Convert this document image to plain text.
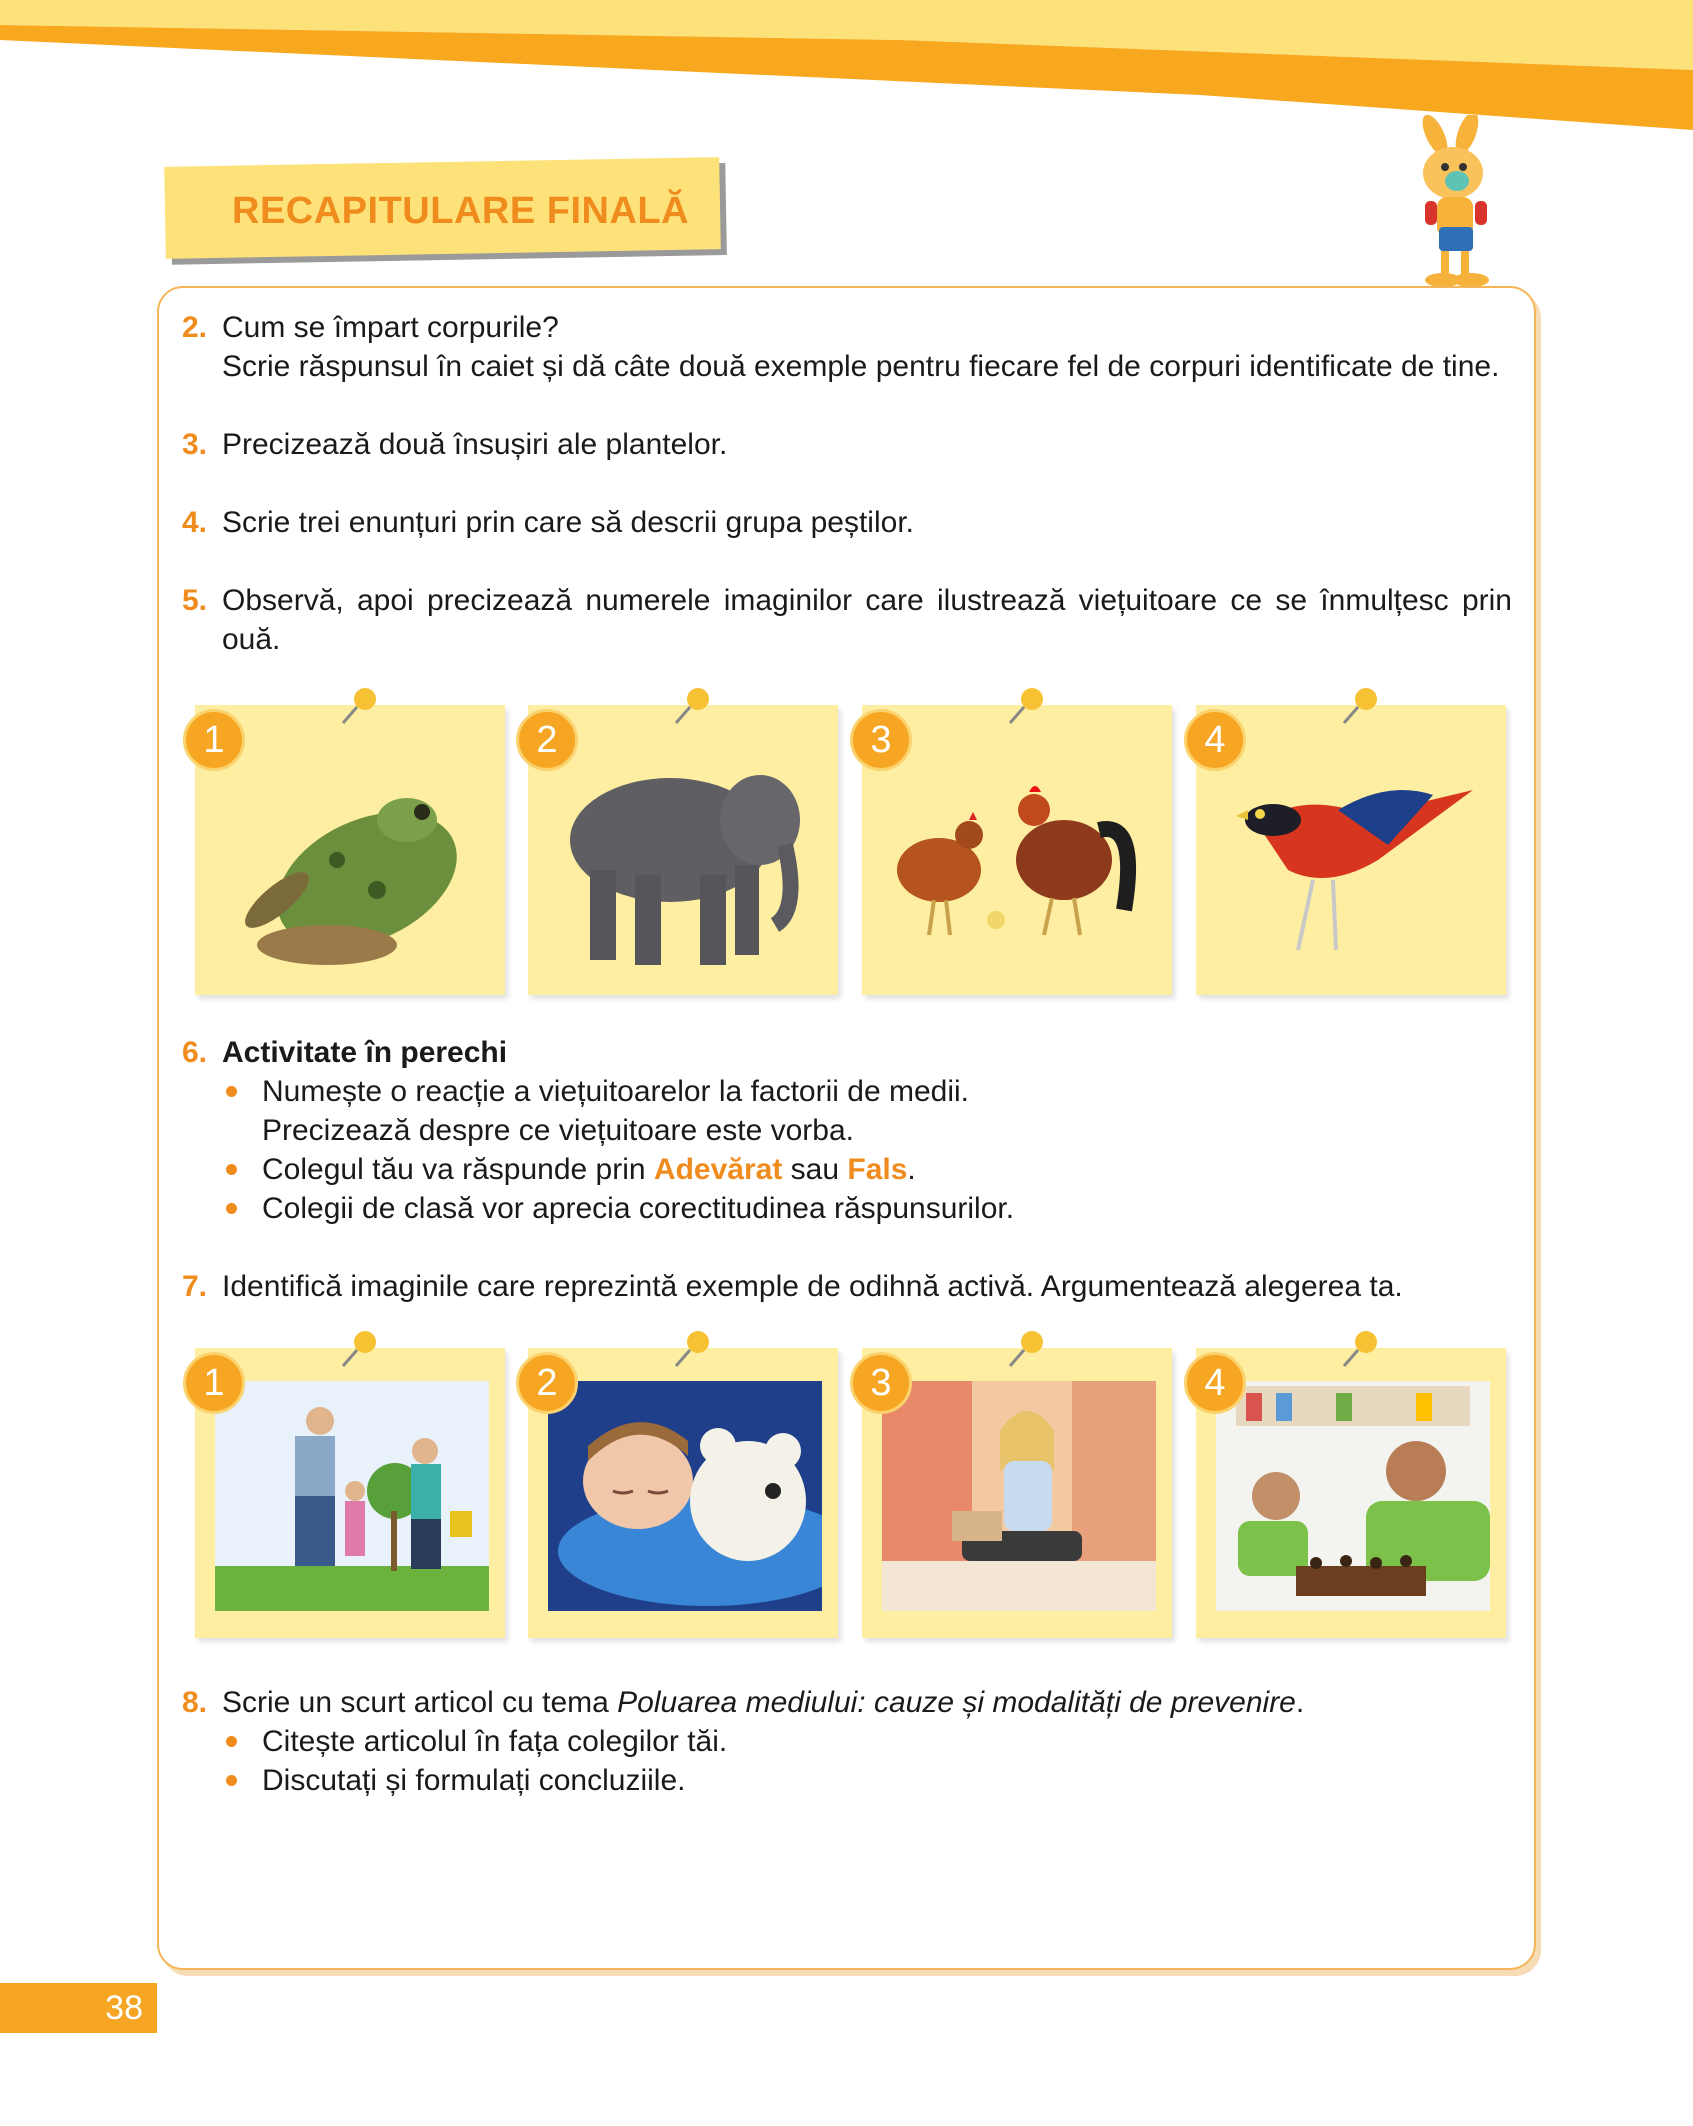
RECAPITULARE FINALĂ
2. Cum se împart corpurile?
Scrie răspunsul în caiet și dă câte două exemple pentru fiecare fel de corpuri identificate de tine.
3. Precizează două însușiri ale plantelor.
4. Scrie trei enunțuri prin care să descrii grupa peștilor.
5. Observă, apoi precizează numerele imaginilor care ilustrează viețuitoare ce se înmulțesc prin ouă.
1	2	3	4
6. Activitate în perechi
Numește o reacție a viețuitoarelor la factorii de medii.
Precizează despre ce viețuitoare este vorba.
Colegul tău va răspunde prin Adevărat sau Fals.
Colegii de clasă vor aprecia corectitudinea răspunsurilor.
7. Identifică imaginile care reprezintă exemple de odihnă activă. Argumentează alegerea ta.
1	2	3	4
8. Scrie un scurt articol cu tema Poluarea mediului: cauze și modalități de prevenire.
Citește articolul în fața colegilor tăi.
Discutați și formulați concluziile.
38
